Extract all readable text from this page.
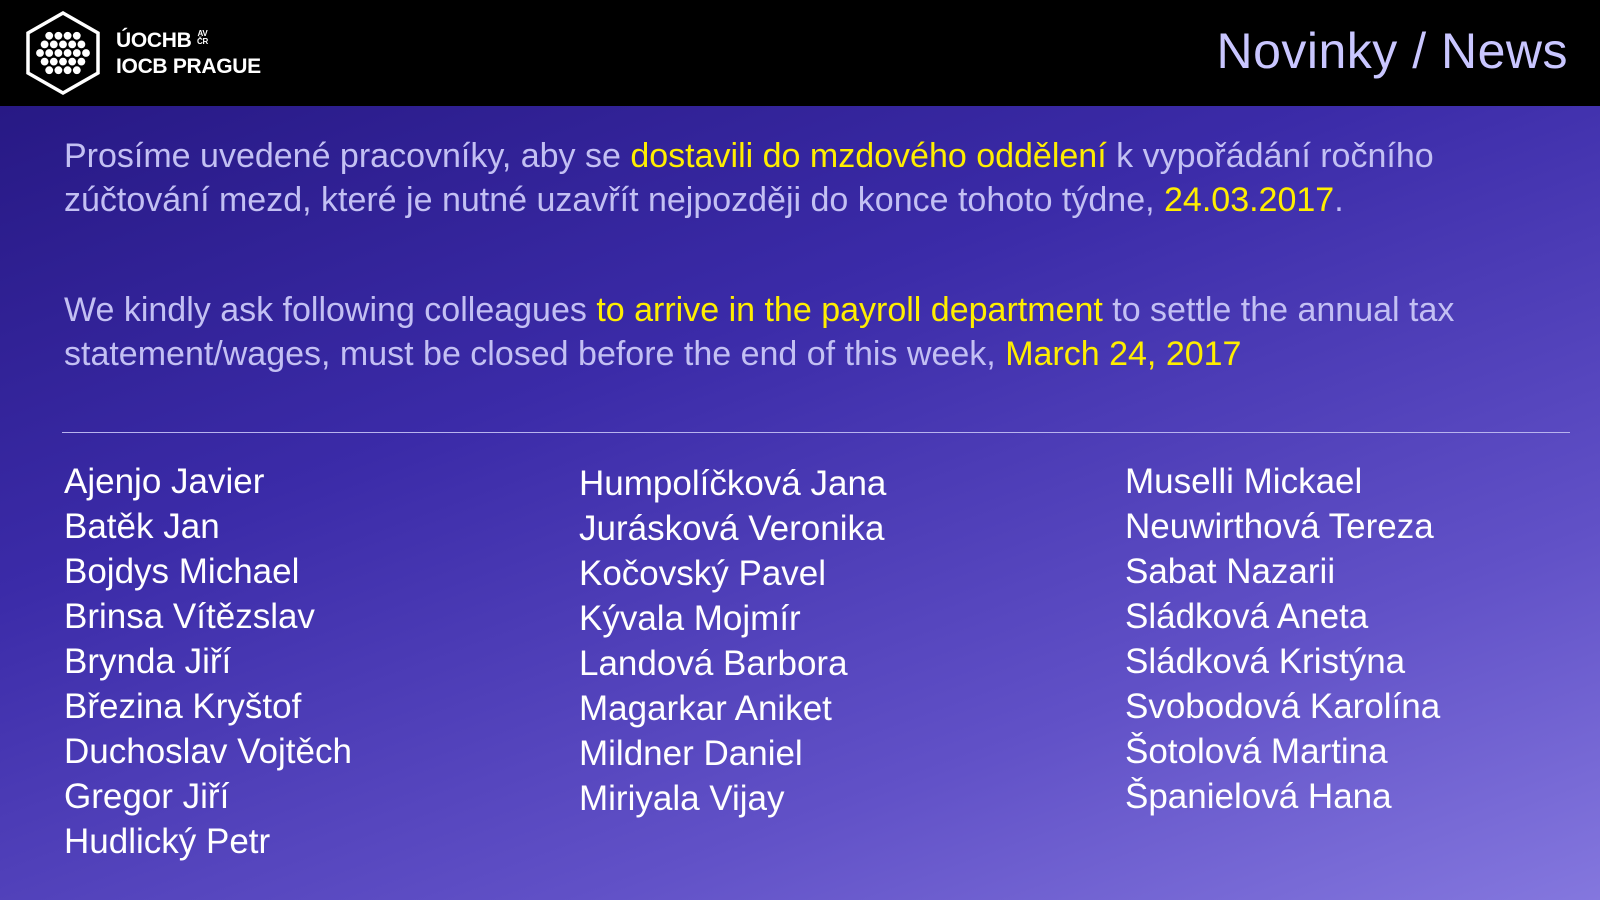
ÚOCHB AV
ČR
IOCB PRAGUE	Novinky / News
Prosíme uvedené pracovníky, aby se dostavili do mzdového oddělení k vypořádání ročního zúčtování mezd, které je nutné uzavřít nejpozději do konce tohoto týdne, 24.03.2017.
We kindly ask following colleagues to arrive in the payroll department to settle the annual tax statement/wages, must be closed before the end of this week, March 24, 2017
Ajenjo Javier
Batěk Jan
Bojdys Michael
Brinsa Vítězslav
Brynda Jiří
Březina Kryštof
Duchoslav Vojtěch
Gregor Jiří
Hudlický Petr
Humpolíčková Jana
Jurásková Veronika
Kočovský Pavel
Kývala Mojmír
Landová Barbora
Magarkar Aniket
Mildner Daniel
Miriyala Vijay
Muselli Mickael
Neuwirthová Tereza
Sabat Nazarii
Sládková Aneta
Sládková Kristýna
Svobodová Karolína
Šotolová Martina
Španielová Hana
